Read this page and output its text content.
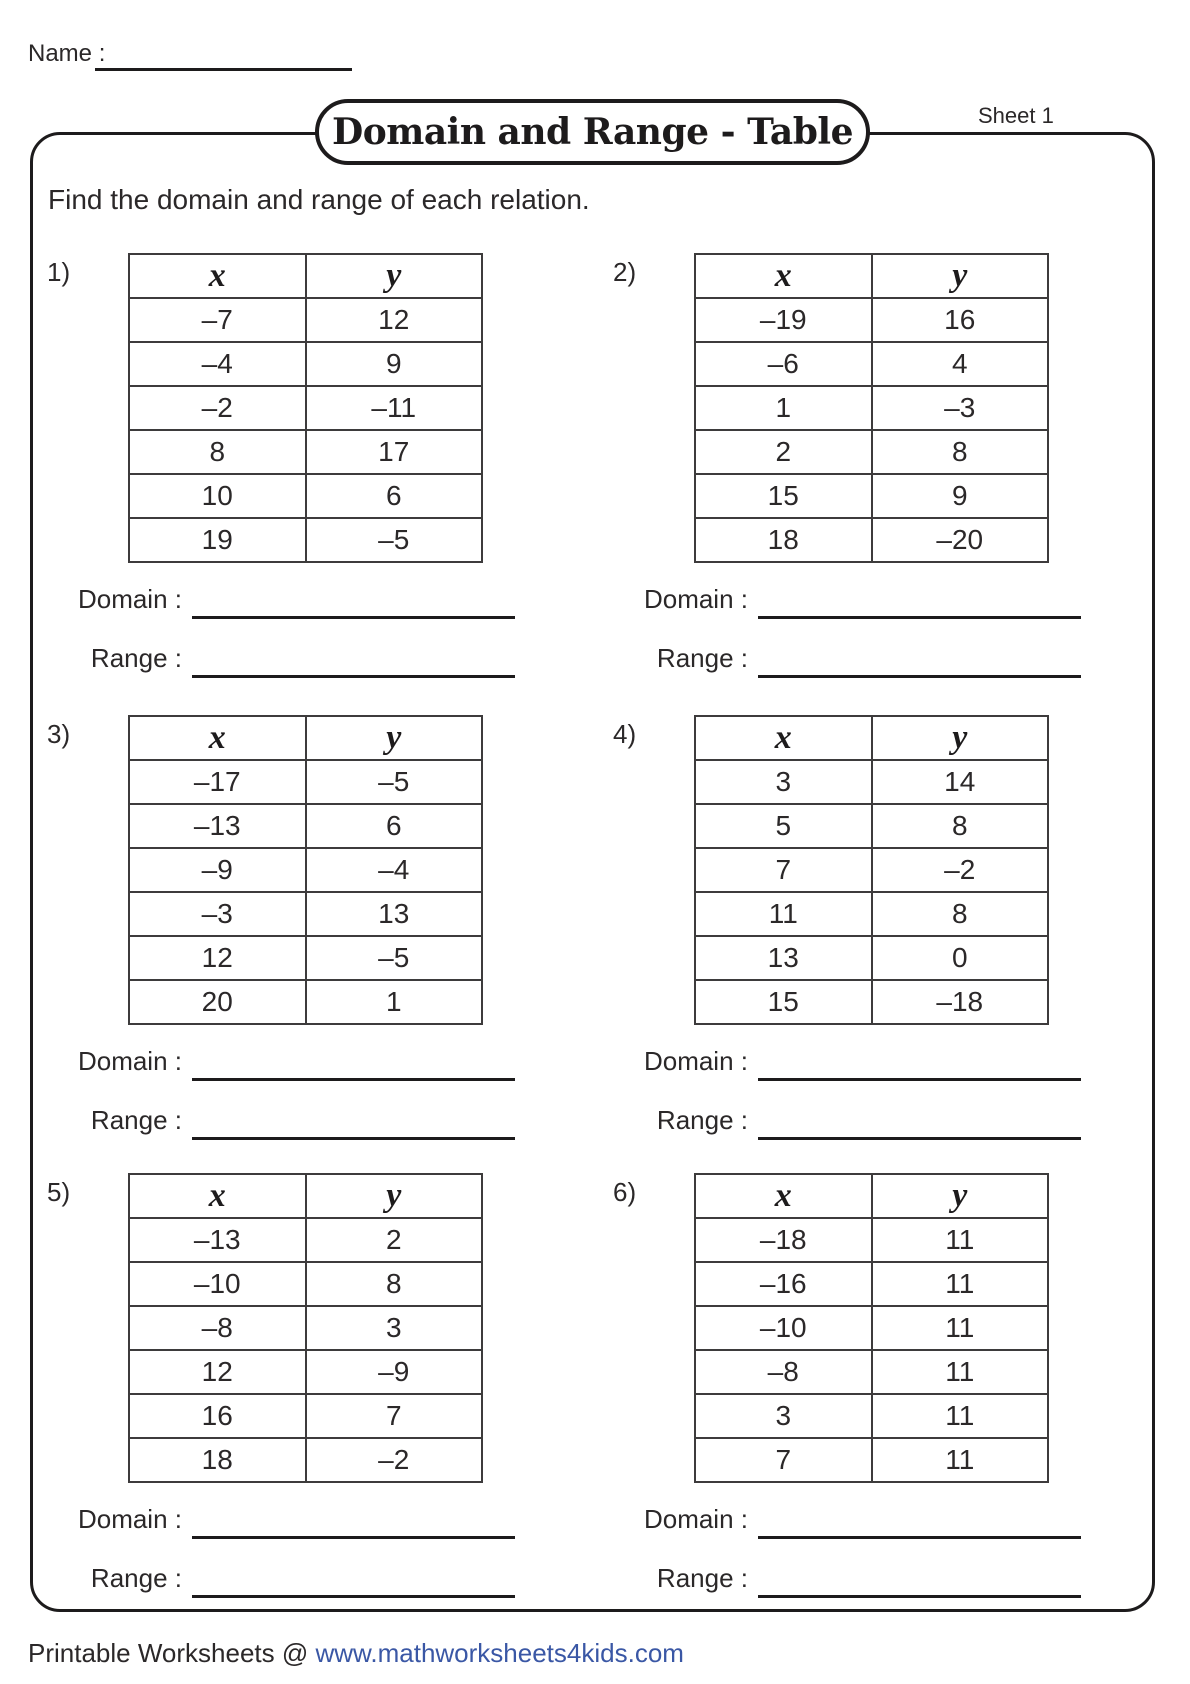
Name :
Domain and Range - Table	Sheet 1
Find the domain and range of each relation.
1)	x	y
–7	12
–4	9
–2	–11
8	17
10	6
19	–5
Domain :
Range :
2)	x	y
–19	16
–6	4
1	–3
2	8
15	9
18	–20
Domain :
Range :
3)	x	y
–17	–5
–13	6
–9	–4
–3	13
12	–5
20	1
Domain :
Range :
4)	x	y
3	14
5	8
7	–2
11	8
13	0
15	–18
Domain :
Range :
5)	x	y
–13	2
–10	8
–8	3
12	–9
16	7
18	–2
Domain :
Range :
6)	x	y
–18	11
–16	11
–10	11
–8	11
3	11
7	11
Domain :
Range :
Printable Worksheets @ www.mathworksheets4kids.com
